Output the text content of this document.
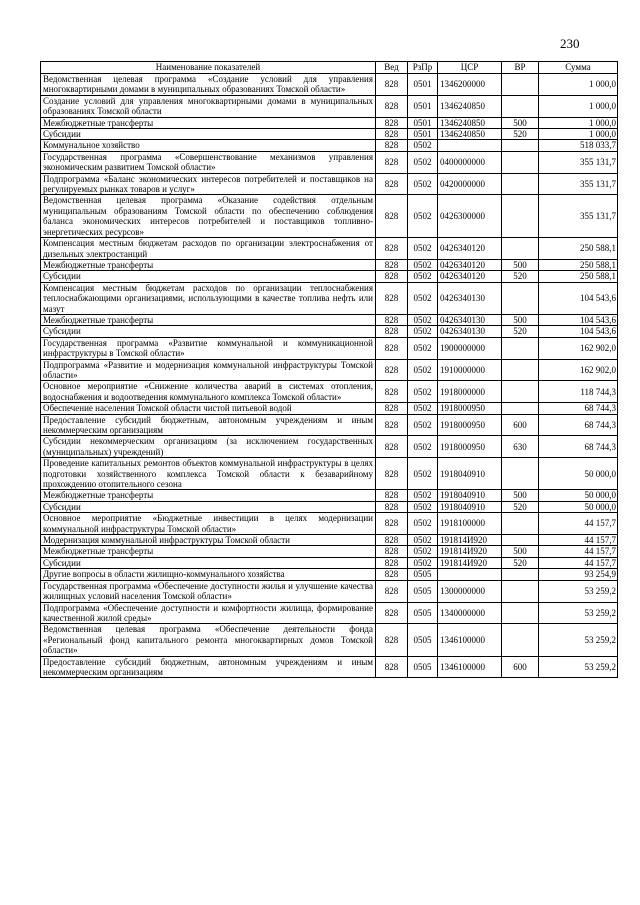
230
Наименование показателей	Вед	РзПр	ЦСР	ВР	Сумма
Ведомственная целевая программа «Создание условий для управления многоквартирными домами в муниципальных образованиях Томской области»	828	0501	1346200000		1 000,0
Создание условий для управления многоквартирными домами в муниципальных образованиях Томской области	828	0501	1346240850		1 000,0
Межбюджетные трансферты	828	0501	1346240850	500	1 000,0
Субсидии	828	0501	1346240850	520	1 000,0
Коммунальное хозяйство	828	0502			518 033,7
Государственная программа «Совершенствование механизмов управления экономическим развитием Томской области»	828	0502	0400000000		355 131,7
Подпрограмма «Баланс экономических интересов потребителей и поставщиков на регулируемых рынках товаров и услуг»	828	0502	0420000000		355 131,7
Ведомственная целевая программа «Оказание содействия отдельным муниципальным образованиям Томской области по обеспечению соблюдения баланса экономических интересов потребителей и поставщиков топливно-энергетических ресурсов»	828	0502	0426300000		355 131,7
Компенсация местным бюджетам расходов по организации электроснабжения от дизельных электростанций	828	0502	0426340120		250 588,1
Межбюджетные трансферты	828	0502	0426340120	500	250 588,1
Субсидии	828	0502	0426340120	520	250 588,1
Компенсация местным бюджетам расходов по организации теплоснабжения теплоснабжающими организациями, использующими в качестве топлива нефть или мазут	828	0502	0426340130		104 543,6
Межбюджетные трансферты	828	0502	0426340130	500	104 543,6
Субсидии	828	0502	0426340130	520	104 543,6
Государственная программа «Развитие коммунальной и коммуникационной инфраструктуры в Томской области»	828	0502	1900000000		162 902,0
Подпрограмма «Развитие и модернизация коммунальной инфраструктуры Томской области»	828	0502	1910000000		162 902,0
Основное мероприятие «Снижение количества аварий в системах отопления, водоснабжения и водоотведения коммунального комплекса Томской области»	828	0502	1918000000		118 744,3
Обеспечение населения Томской области чистой питьевой водой	828	0502	1918000950		68 744,3
Предоставление субсидий бюджетным, автономным учреждениям и иным некоммерческим организациям	828	0502	1918000950	600	68 744,3
Субсидии некоммерческим организациям (за исключением государственных (муниципальных) учреждений)	828	0502	1918000950	630	68 744,3
Проведение капитальных ремонтов объектов коммунальной инфраструктуры в целях подготовки хозяйственного комплекса Томской области к безаварийному прохождению отопительного сезона	828	0502	1918040910		50 000,0
Межбюджетные трансферты	828	0502	1918040910	500	50 000,0
Субсидии	828	0502	1918040910	520	50 000,0
Основное мероприятие «Бюджетные инвестиции в целях модернизации коммунальной инфраструктуры Томской области»	828	0502	1918100000		44 157,7
Модернизация коммунальной инфраструктуры Томской области	828	0502	191814И920		44 157,7
Межбюджетные трансферты	828	0502	191814И920	500	44 157,7
Субсидии	828	0502	191814И920	520	44 157,7
Другие вопросы в области жилищно-коммунального хозяйства	828	0505			93 254,9
Государственная программа «Обеспечение доступности жилья и улучшение качества жилищных условий населения Томской области»	828	0505	1300000000		53 259,2
Подпрограмма «Обеспечение доступности и комфортности жилища, формирование качественной жилой среды»	828	0505	1340000000		53 259,2
Ведомственная целевая программа «Обеспечение деятельности фонда «Региональный фонд капитального ремонта многоквартирных домов Томской области»	828	0505	1346100000		53 259,2
Предоставление субсидий бюджетным, автономным учреждениям и иным некоммерческим организациям	828	0505	1346100000	600	53 259,2
